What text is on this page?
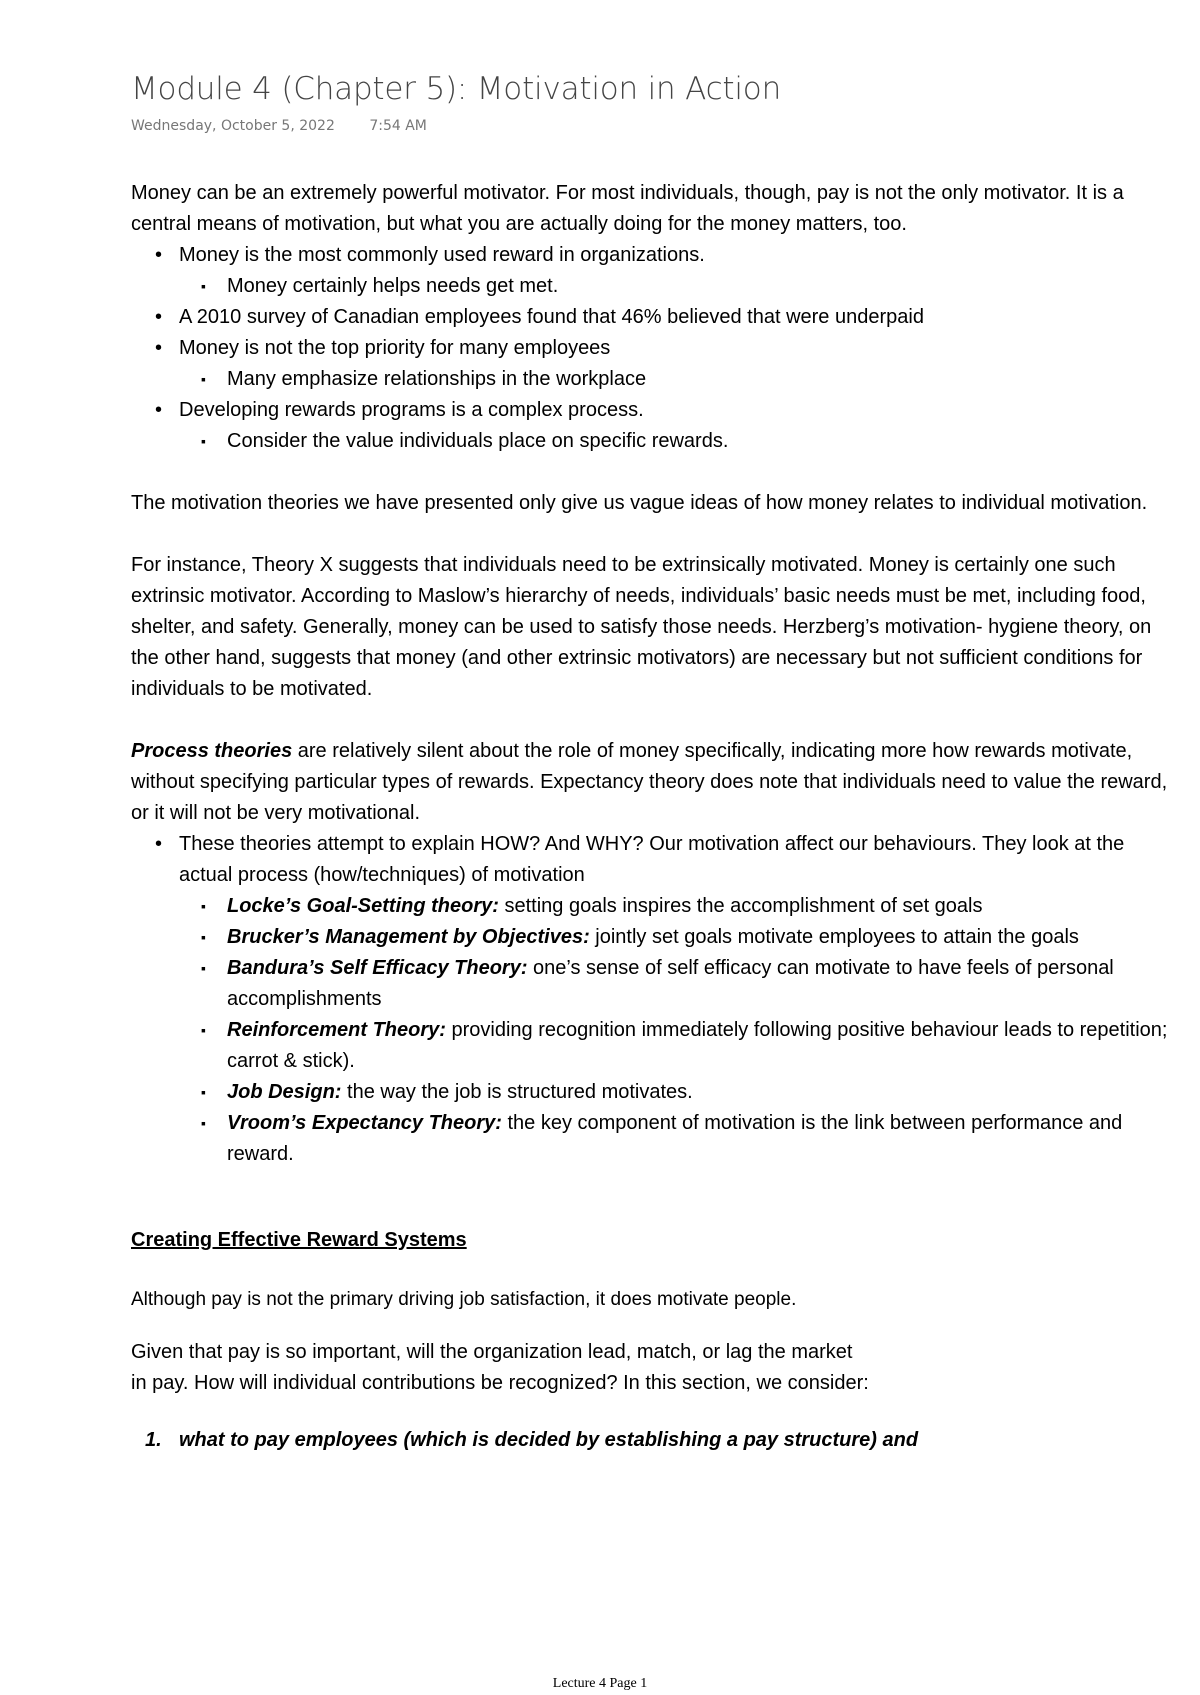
Module 4 (Chapter 5): Motivation in Action
Wednesday, October 5, 2022 7:54 AM

Money can be an extremely powerful motivator. For most individuals, though, pay is not the only motivator. It is a central means of motivation, but what you are actually doing for the money matters, too.

• Money is the most commonly used reward in organizations.
▪ Money certainly helps needs get met.
• A 2010 survey of Canadian employees found that 46% believed that were underpaid
• Money is not the top priority for many employees
▪ Many emphasize relationships in the workplace
• Developing rewards programs is a complex process.
▪ Consider the value individuals place on specific rewards.

The motivation theories we have presented only give us vague ideas of how money relates to individual motivation.

For instance, Theory X suggests that individuals need to be extrinsically motivated. Money is certainly one such extrinsic motivator. According to Maslow’s hierarchy of needs, individuals’ basic needs must be met, including food, shelter, and safety. Generally, money can be used to satisfy those needs. Herzberg’s motivation- hygiene theory, on the other hand, suggests that money (and other extrinsic motivators) are necessary but not sufficient conditions for individuals to be motivated.

Process theories are relatively silent about the role of money specifically, indicating more how rewards motivate, without specifying particular types of rewards. Expectancy theory does note that individuals need to value the reward, or it will not be very motivational.

• These theories attempt to explain HOW? And WHY? Our motivation affect our behaviours. They look at the actual process (how/techniques) of motivation
▪ Locke’s Goal-Setting theory: setting goals inspires the accomplishment of set goals
▪ Brucker’s Management by Objectives: jointly set goals motivate employees to attain the goals
▪ Bandura’s Self Efficacy Theory: one’s sense of self efficacy can motivate to have feels of personal accomplishments
▪ Reinforcement Theory: providing recognition immediately following positive behaviour leads to repetition; carrot & stick).
▪ Job Design: the way the job is structured motivates.
▪ Vroom’s Expectancy Theory: the key component of motivation is the link between performance and reward.

Creating Effective Reward Systems

Although pay is not the primary driving job satisfaction, it does motivate people.

Given that pay is so important, will the organization lead, match, or lag the market

in pay. How will individual contributions be recognized? In this section, we consider:

1. what to pay employees (which is decided by establishing a pay structure) and
Lecture 4 Page 1
